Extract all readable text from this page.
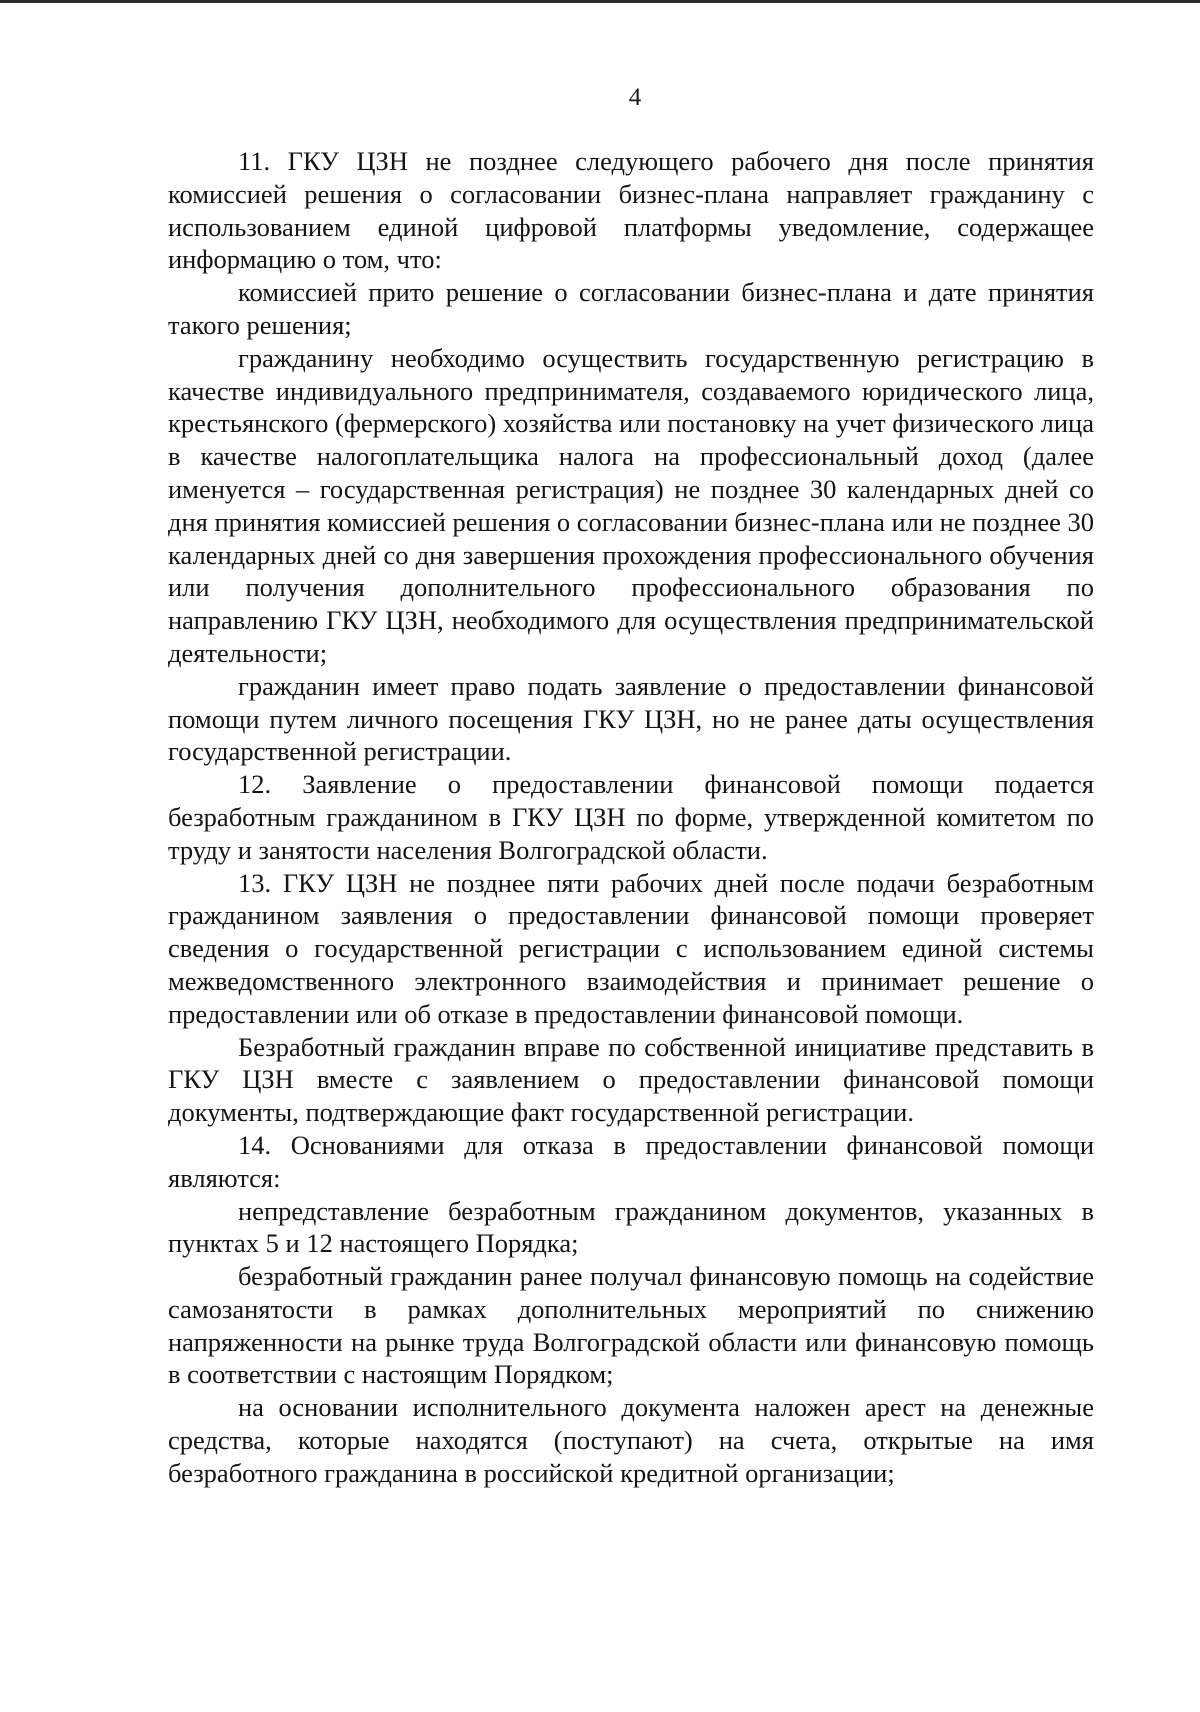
4

11. ГКУ ЦЗН не позднее следующего рабочего дня после принятия комиссией решения о согласовании бизнес-плана направляет гражданину с использованием единой цифровой платформы уведомление, содержащее информацию о том, что:

комиссией прито решение о согласовании бизнес-плана и дате принятия такого решения;

гражданину необходимо осуществить государственную регистрацию в качестве индивидуального предпринимателя, создаваемого юридического лица, крестьянского (фермерского) хозяйства или постановку на учет физического лица в качестве налогоплательщика налога на профессиональный доход (далее именуется – государственная регистрация) не позднее 30 календарных дней со дня принятия комиссией решения о согласовании бизнес-плана или не позднее 30 календарных дней со дня завершения прохождения профессионального обучения или получения дополнительного профессионального образования по направлению ГКУ ЦЗН, необходимого для осуществления предпринимательской деятельности;

гражданин имеет право подать заявление о предоставлении финансовой помощи путем личного посещения ГКУ ЦЗН, но не ранее даты осуществления государственной регистрации.

12. Заявление о предоставлении финансовой помощи подается безработным гражданином в ГКУ ЦЗН по форме, утвержденной комитетом по труду и занятости населения Волгоградской области.

13. ГКУ ЦЗН не позднее пяти рабочих дней после подачи безработным гражданином заявления о предоставлении финансовой помощи проверяет сведения о государственной регистрации с использованием единой системы межведомственного электронного взаимодействия и принимает решение о предоставлении или об отказе в предоставлении финансовой помощи.

Безработный гражданин вправе по собственной инициативе представить в ГКУ ЦЗН вместе с заявлением о предоставлении финансовой помощи документы, подтверждающие факт государственной регистрации.

14. Основаниями для отказа в предоставлении финансовой помощи являются:

непредставление безработным гражданином документов, указанных в пунктах 5 и 12 настоящего Порядка;

безработный гражданин ранее получал финансовую помощь на содействие самозанятости в рамках дополнительных мероприятий по снижению напряженности на рынке труда Волгоградской области или финансовую помощь в соответствии с настоящим Порядком;

на основании исполнительного документа наложен арест на денежные средства, которые находятся (поступают) на счета, открытые на имя безработного гражданина в российской кредитной организации;
